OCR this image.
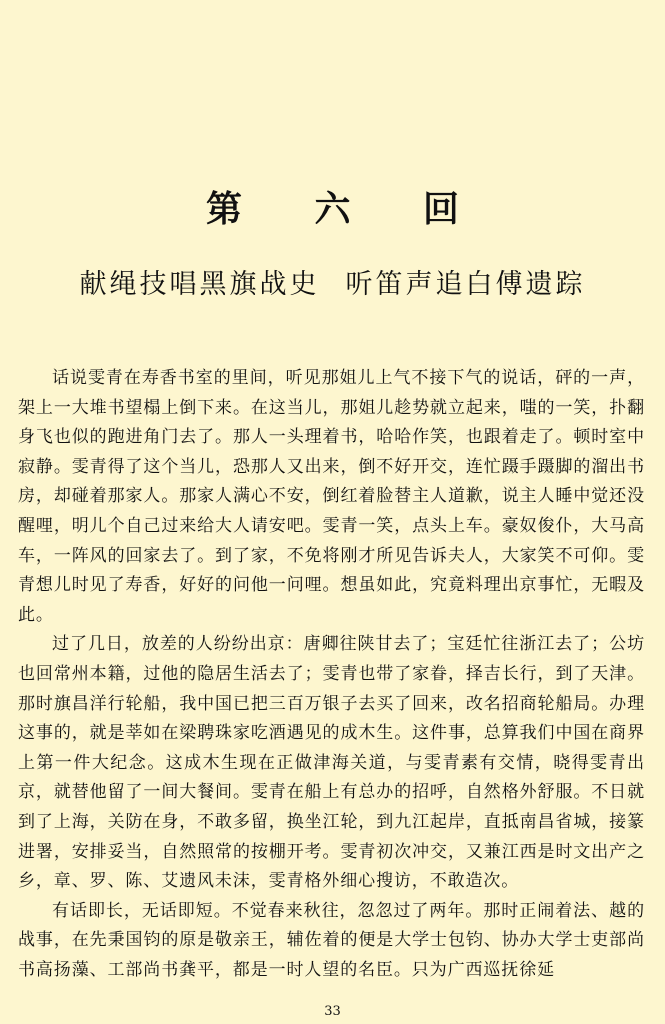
第 六 回
献绳技唱黑旗战史 听笛声追白傅遗踪

话说雯青在寿香书室的里间，听见那姐儿上气不接下气的说话，砰的一声，架上一大堆书望榻上倒下来。在这当儿，那姐儿趁势就立起来，嗤的一笑，扑翻身飞也似的跑进角门去了。那人一头理着书，哈哈作笑，也跟着走了。顿时室中寂静。雯青得了这个当儿，恐那人又出来，倒不好开交，连忙蹑手蹑脚的溜出书房，却碰着那家人。那家人满心不安，倒红着脸替主人道歉，说主人睡中觉还没醒哩，明儿个自己过来给大人请安吧。雯青一笑，点头上车。豪奴俊仆，大马高车，一阵风的回家去了。到了家，不免将刚才所见告诉夫人，大家笑不可仰。雯青想儿时见了寿香，好好的问他一问哩。想虽如此，究竟料理出京事忙，无暇及此。

过了几日，放差的人纷纷出京：唐卿往陕甘去了；宝廷忙往浙江去了；公坊也回常州本籍，过他的隐居生活去了；雯青也带了家眷，择吉长行，到了天津。那时旗昌洋行轮船，我中国已把三百万银子去买了回来，改名招商轮船局。办理这事的，就是莘如在梁聘珠家吃酒遇见的成木生。这件事，总算我们中国在商界上第一件大纪念。这成木生现在正做津海关道，与雯青素有交情，晓得雯青出京，就替他留了一间大餐间。雯青在船上有总办的招呼，自然格外舒服。不日就到了上海，关防在身，不敢多留，换坐江轮，到九江起岸，直抵南昌省城，接篆进署，安排妥当，自然照常的按棚开考。雯青初次冲交，又兼江西是时文出产之乡，章、罗、陈、艾遗风未沫，雯青格外细心搜访，不敢造次。

有话即长，无话即短。不觉春来秋往，忽忽过了两年。那时正闹着法、越的战事，在先秉国钧的原是敬亲王，辅佐着的便是大学士包钧、协办大学士吏部尚书高扬藻、工部尚书龚平，都是一时人望的名臣。只为广西巡抚徐延

33
